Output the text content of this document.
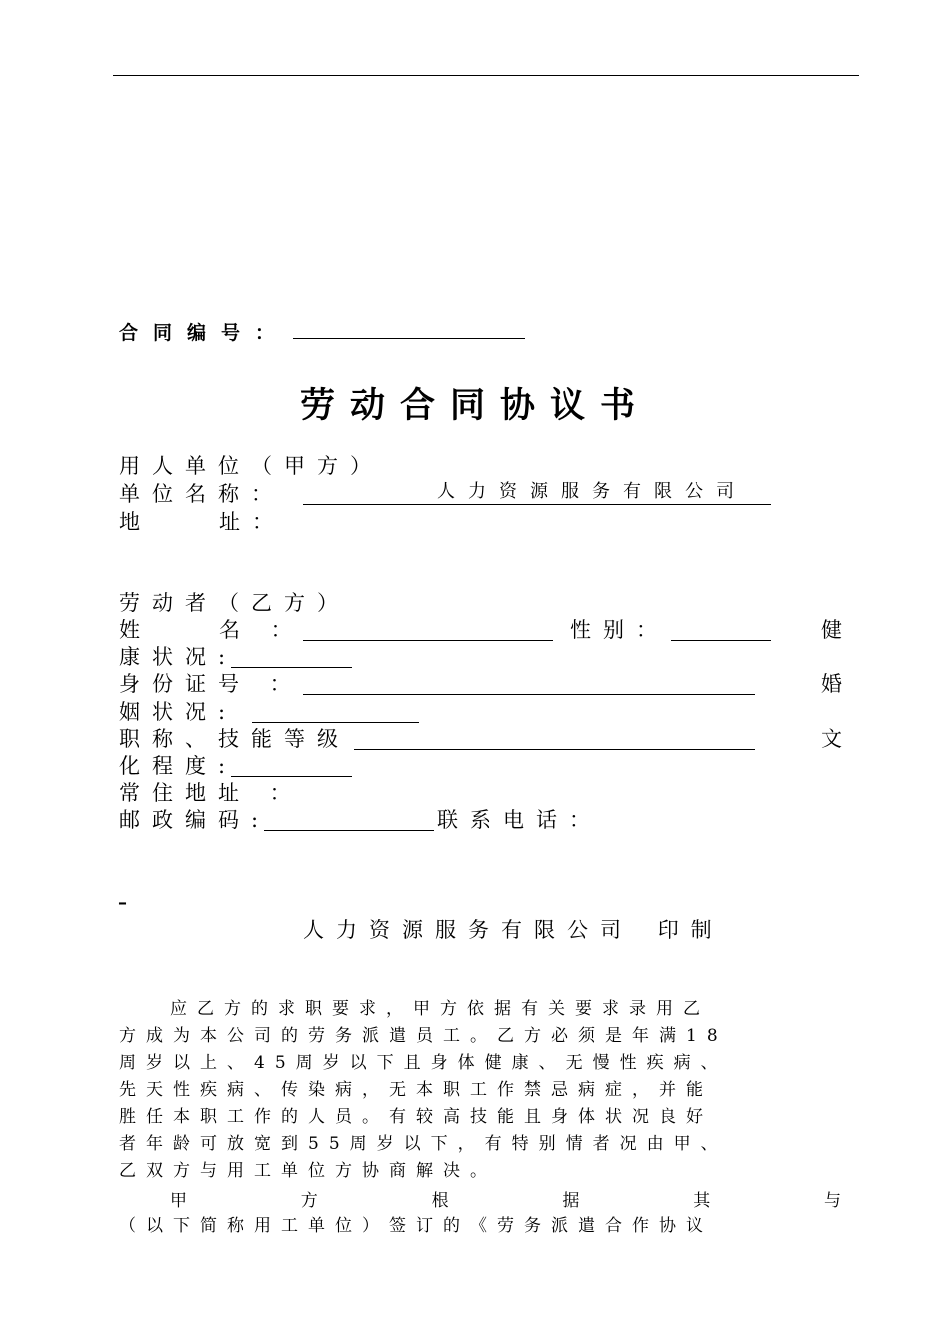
合同编号：
劳动合同协议书
用人单位（甲方）
单位名称：	人力资源服务有限公司
地	址：
劳动者（乙方）
姓	名 ：	性别：	健
康状况:
身份证号 ：	婚
姻状况:
职称、技能等级	文
化程度:
常住地址 ：
邮政编码:	联系电话：
–
人力资源服务有限公司 印制
应乙方的求职要求，甲方依据有关要求录用乙
方成为本公司的劳务派遣员工。乙方必须是年满18
周岁以上、45周岁以下且身体健康、无慢性疾病、
先天性疾病、传染病，无本职工作禁忌病症，并能
胜任本职工作的人员。有较高技能且身体状况良好
者年龄可放宽到55周岁以下，有特别情者况由甲、
乙双方与用工单位方协商解决。
甲	方	根	据	其	与
（以下简称用工单位）签订的《劳务派遣合作协议
